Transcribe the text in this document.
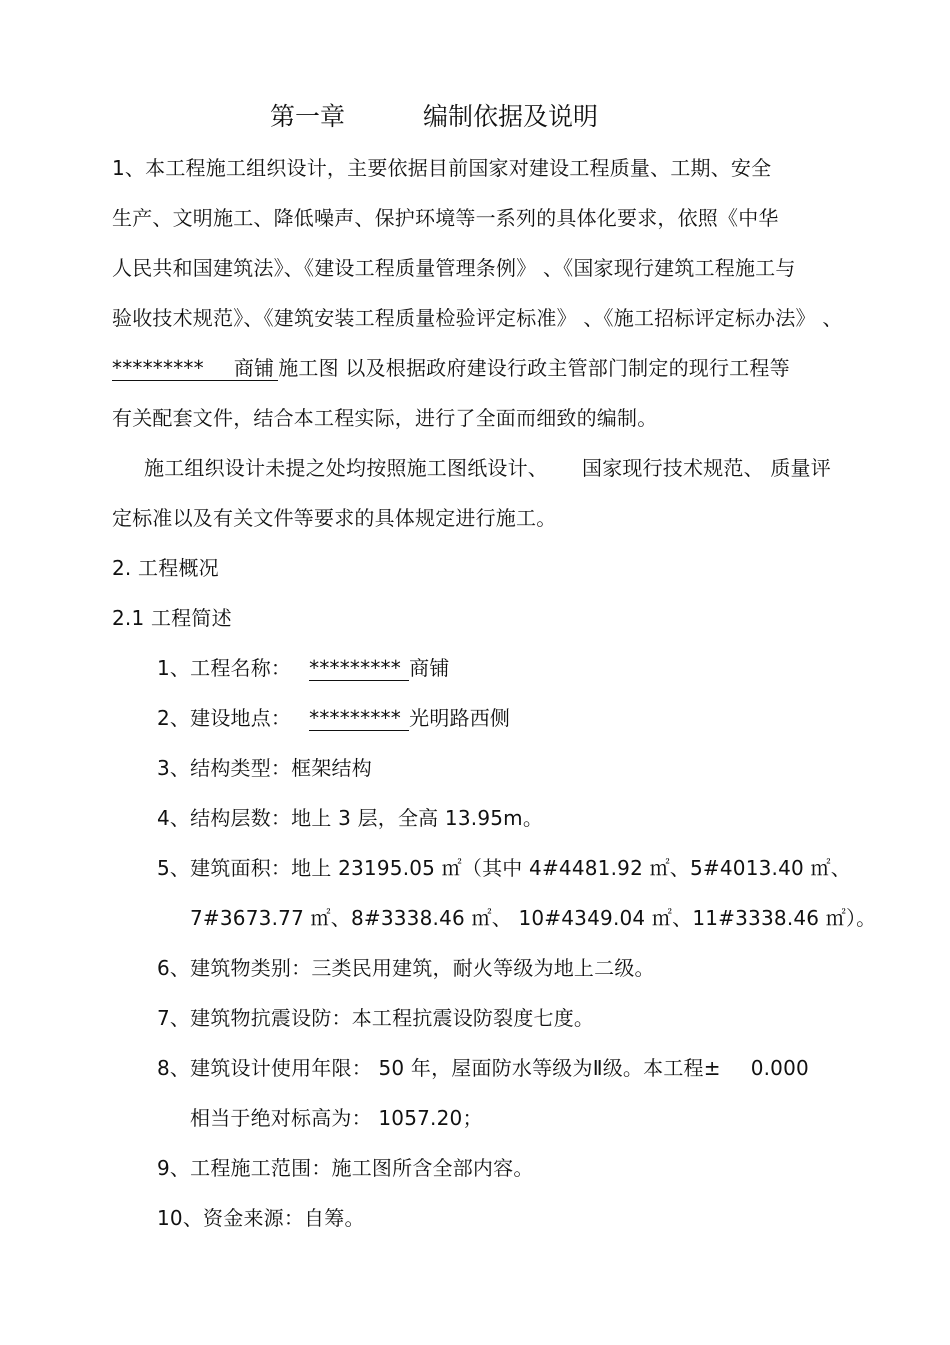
第一章	编制依据及说明
1、本工程施工组织设计，主要依据目前国家对建设工程质量、工期、安全
生产、文明施工、降低噪声、保护环境等一系列的具体化要求，依照《中华
人民共和国建筑法》、《建设工程质量管理条例》 、《国家现行建筑工程施工与
验收技术规范》、《建筑安装工程质量检验评定标准》 、《施工招标评定标办法》 、
********* 商铺 施工图 以及根据政府建设行政主管部门制定的现行工程等
有关配套文件，结合本工程实际，进行了全面而细致的编制。
施工组织设计未提之处均按照施工图纸设计、 国家现行技术规范、 质量评
定标准以及有关文件等要求的具体规定进行施工。
2. 工程概况
2.1 工程简述
1、工程名称： ********* 商铺
2、建设地点： ********* 光明路西侧
3、结构类型：框架结构
4、结构层数：地上 3 层，全高 13.95m。
5、建筑面积：地上 23195.05 ㎡（其中 4#4481.92 ㎡、5#4013.40 ㎡、
7#3673.77 ㎡、8#3338.46 ㎡、 10#4349.04 ㎡、11#3338.46 ㎡）。
6、建筑物类别：三类民用建筑，耐火等级为地上二级。
7、建筑物抗震设防：本工程抗震设防裂度七度。
8、建筑设计使用年限： 50 年，屋面防水等级为Ⅱ级。本工程± 0.000
相当于绝对标高为： 1057.20；
9、工程施工范围：施工图所含全部内容。
10、资金来源：自筹。
